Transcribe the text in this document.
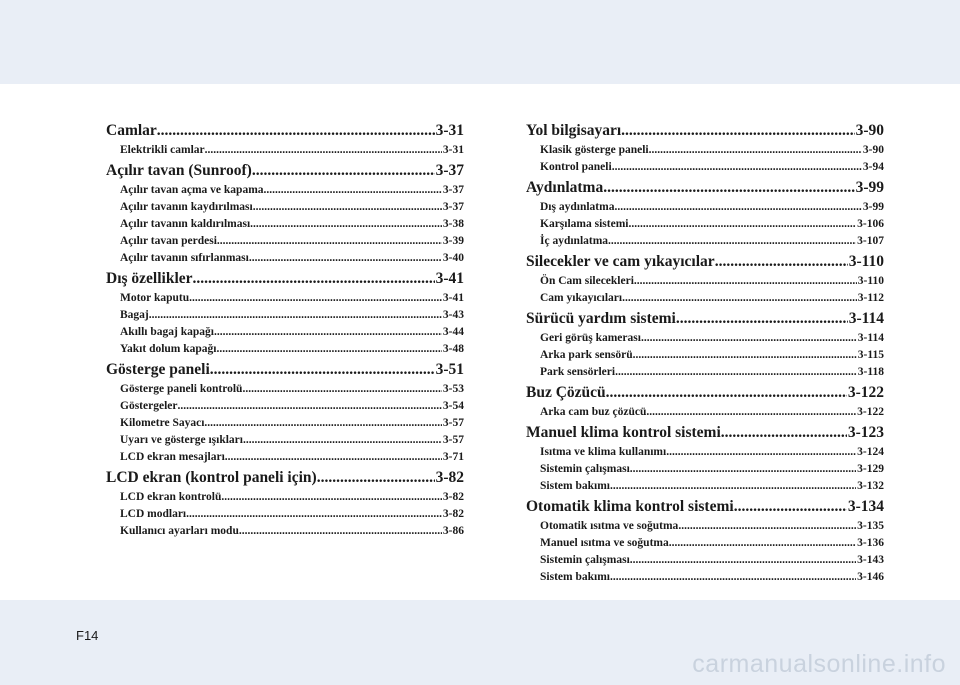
Camlar .....	3-31
Elektrikli camlar .....	3-31
Açılır tavan (Sunroof) .....	3-37
Açılır tavan açma ve kapama .....	3-37
Açılır tavanın kaydırılması .....	3-37
Açılır tavanın kaldırılması .....	3-38
Açılır tavan perdesi .....	3-39
Açılır tavanın sıfırlanması .....	3-40
Dış özellikler .....	3-41
Motor kaputu .....	3-41
Bagaj .....	3-43
Akıllı bagaj kapağı .....	3-44
Yakıt dolum kapağı .....	3-48
Gösterge paneli .....	3-51
Gösterge paneli kontrolü .....	3-53
Göstergeler .....	3-54
Kilometre Sayacı .....	3-57
Uyarı ve gösterge ışıkları .....	3-57
LCD ekran mesajları .....	3-71
LCD ekran (kontrol paneli için) .....	3-82
LCD ekran kontrolü .....	3-82
LCD modları .....	3-82
Kullanıcı ayarları modu .....	3-86
Yol bilgisayarı .....	3-90
Klasik gösterge paneli .....	3-90
Kontrol paneli .....	3-94
Aydınlatma .....	3-99
Dış aydınlatma .....	3-99
Karşılama sistemi .....	3-106
İç aydınlatma .....	3-107
Silecekler ve cam yıkayıcılar .....	3-110
Ön Cam silecekleri .....	3-110
Cam yıkayıcıları .....	3-112
Sürücü yardım sistemi .....	3-114
Geri görüş kamerası .....	3-114
Arka park sensörü .....	3-115
Park sensörleri .....	3-118
Buz Çözücü .....	3-122
Arka cam buz çözücü .....	3-122
Manuel klima kontrol sistemi .....	3-123
Isıtma ve klima kullanımı .....	3-124
Sistemin çalışması .....	3-129
Sistem bakımı .....	3-132
Otomatik klima kontrol sistemi .....	3-134
Otomatik ısıtma ve soğutma .....	3-135
Manuel ısıtma ve soğutma .....	3-136
Sistemin çalışması .....	3-143
Sistem bakımı .....	3-146
F14
carmanualsonline.info
